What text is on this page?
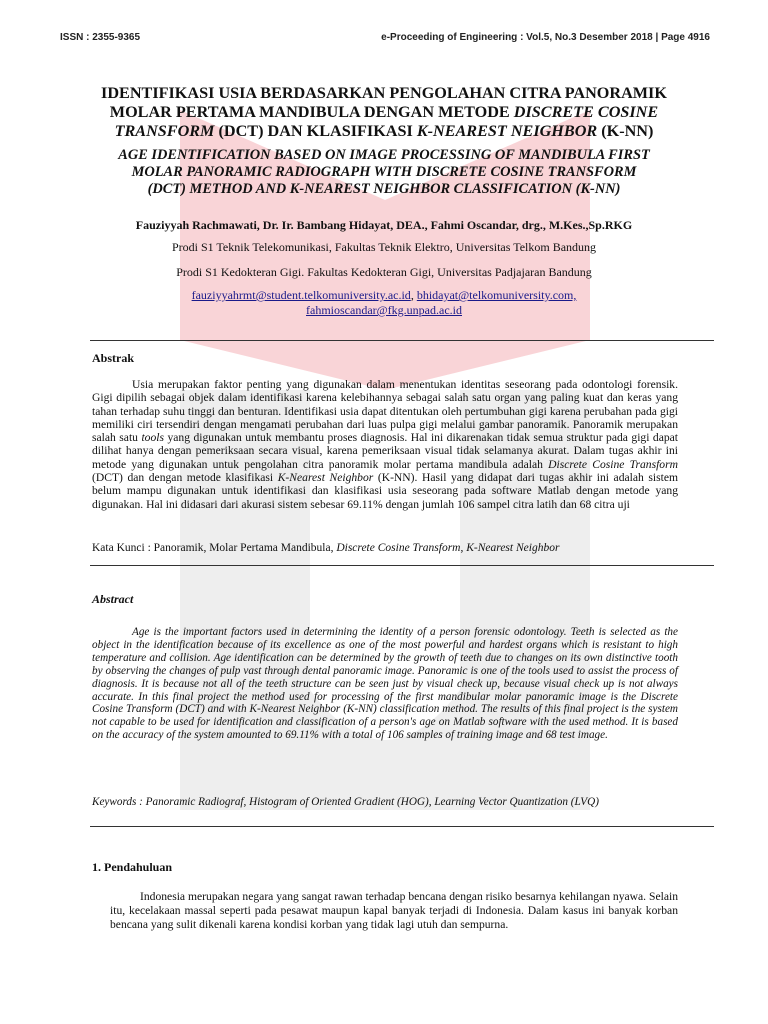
ISSN : 2355-9365	e-Proceeding of Engineering : Vol.5, No.3 Desember 2018 | Page 4916
IDENTIFIKASI USIA BERDASARKAN PENGOLAHAN CITRA PANORAMIK
MOLAR PERTAMA MANDIBULA DENGAN METODE DISCRETE COSINE
TRANSFORM (DCT) DAN KLASIFIKASI K-NEAREST NEIGHBOR (K-NN)
AGE IDENTIFICATION BASED ON IMAGE PROCESSING OF MANDIBULA FIRST
MOLAR PANORAMIC RADIOGRAPH WITH DISCRETE COSINE TRANSFORM
(DCT) METHOD AND K-NEAREST NEIGHBOR CLASSIFICATION (K-NN)
Fauziyyah Rachmawati, Dr. Ir. Bambang Hidayat, DEA., Fahmi Oscandar, drg., M.Kes.,Sp.RKG
Prodi S1 Teknik Telekomunikasi, Fakultas Teknik Elektro, Universitas Telkom Bandung
Prodi S1 Kedokteran Gigi. Fakultas Kedokteran Gigi, Universitas Padjajaran Bandung
fauziyyahrmt@student.telkomuniversity.ac.id, bhidayat@telkomuniversity.com,
fahmioscandar@fkg.unpad.ac.id
Abstrak
Usia merupakan faktor penting yang digunakan dalam menentukan identitas seseorang pada odontologi forensik. Gigi dipilih sebagai objek dalam identifikasi karena kelebihannya sebagai salah satu organ yang paling kuat dan keras yang tahan terhadap suhu tinggi dan benturan. Identifikasi usia dapat ditentukan oleh pertumbuhan gigi karena perubahan pada gigi memiliki ciri tersendiri dengan mengamati perubahan dari luas pulpa gigi melalui gambar panoramik. Panoramik merupakan salah satu tools yang digunakan untuk membantu proses diagnosis. Hal ini dikarenakan tidak semua struktur pada gigi dapat dilihat hanya dengan pemeriksaan secara visual, karena pemeriksaan visual tidak selamanya akurat. Dalam tugas akhir ini metode yang digunakan untuk pengolahan citra panoramik molar pertama mandibula adalah Discrete Cosine Transform (DCT) dan dengan metode klasifikasi K-Nearest Neighbor (K-NN). Hasil yang didapat dari tugas akhir ini adalah sistem belum mampu digunakan untuk identifikasi dan klasifikasi usia seseorang pada software Matlab dengan metode yang digunakan. Hal ini didasari dari akurasi sistem sebesar 69.11% dengan jumlah 106 sampel citra latih dan 68 citra uji
Kata Kunci : Panoramik, Molar Pertama Mandibula, Discrete Cosine Transform, K-Nearest Neighbor
Abstract
Age is the important factors used in determining the identity of a person forensic odontology. Teeth is selected as the object in the identification because of its excellence as one of the most powerful and hardest organs which is resistant to high temperature and collision. Age identification can be determined by the growth of teeth due to changes on its own distinctive tooth by observing the changes of pulp vast through dental panoramic image. Panoramic is one of the tools used to assist the process of diagnosis. It is because not all of the teeth structure can be seen just by visual check up, because visual check up is not always accurate. In this final project the method used for processing of the first mandibular molar panoramic image is the Discrete Cosine Transform (DCT) and with K-Nearest Neighbor (K-NN) classification method. The results of this final project is the system not capable to be used for identification and classification of a person's age on Matlab software with the used method. It is based on the accuracy of the system amounted to 69.11% with a total of 106 samples of training image and 68 test image.
Keywords : Panoramic Radiograf, Histogram of Oriented Gradient (HOG), Learning Vector Quantization (LVQ)
1. Pendahuluan
Indonesia merupakan negara yang sangat rawan terhadap bencana dengan risiko besarnya kehilangan nyawa. Selain itu, kecelakaan massal seperti pada pesawat maupun kapal banyak terjadi di Indonesia. Dalam kasus ini banyak korban bencana yang sulit dikenali karena kondisi korban yang tidak lagi utuh dan sempurna.
